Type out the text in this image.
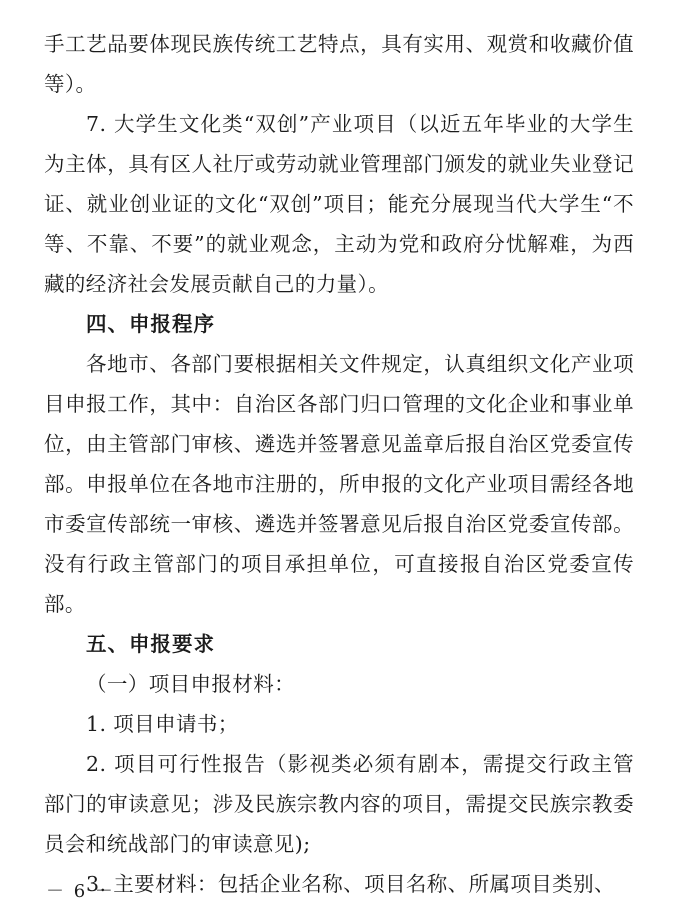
手工艺品要体现民族传统工艺特点，具有实用、观赏和收藏价值等）。

7. 大学生文化类“双创”产业项目（以近五年毕业的大学生为主体，具有区人社厅或劳动就业管理部门颁发的就业失业登记证、就业创业证的文化“双创”项目；能充分展现当代大学生“不等、不靠、不要”的就业观念，主动为党和政府分忧解难，为西藏的经济社会发展贡献自己的力量）。

四、申报程序

各地市、各部门要根据相关文件规定，认真组织文化产业项目申报工作，其中：自治区各部门归口管理的文化企业和事业单位，由主管部门审核、遴选并签署意见盖章后报自治区党委宣传部。申报单位在各地市注册的，所申报的文化产业项目需经各地市委宣传部统一审核、遴选并签署意见后报自治区党委宣传部。没有行政主管部门的项目承担单位，可直接报自治区党委宣传部。

五、申报要求

（一）项目申报材料：

1. 项目申请书；

2. 项目可行性报告（影视类必须有剧本，需提交行政主管部门的审读意见；涉及民族宗教内容的项目，需提交民族宗教委员会和统战部门的审读意见);

3. 主要材料：包括企业名称、项目名称、所属项目类别、

－ 6 －
